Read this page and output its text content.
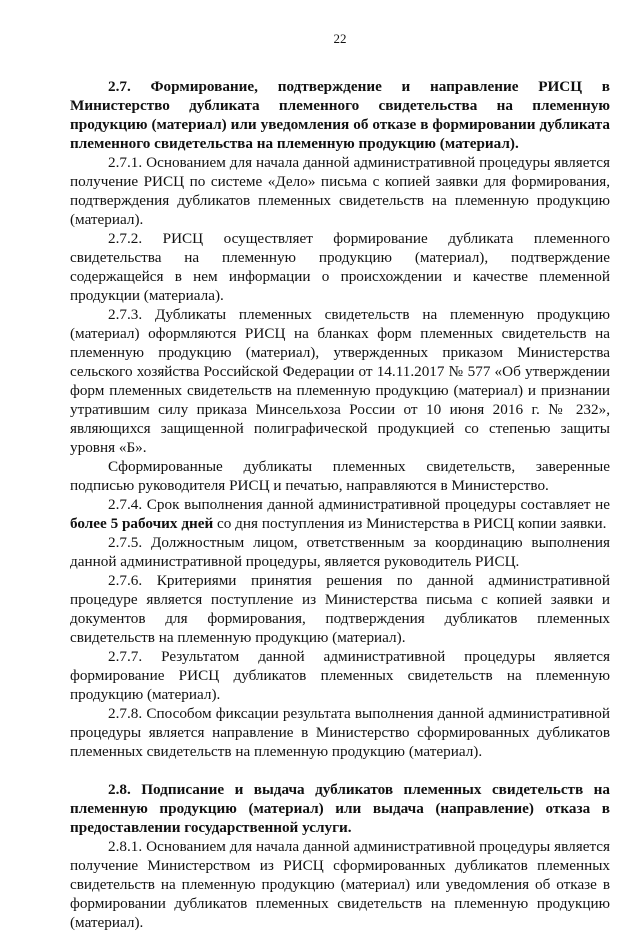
22

2.7. Формирование, подтверждение и направление РИСЦ в Министерство дубликата племенного свидетельства на племенную продукцию (материал) или уведомления об отказе в формировании дубликата племенного свидетельства на племенную продукцию (материал).

2.7.1. Основанием для начала данной административной процедуры является получение РИСЦ по системе «Дело» письма с копией заявки для формирования, подтверждения дубликатов племенных свидетельств на племенную продукцию (материал).

2.7.2. РИСЦ осуществляет формирование дубликата племенного свидетельства на племенную продукцию (материал), подтверждение содержащейся в нем информации о происхождении и качестве племенной продукции (материала).

2.7.3. Дубликаты племенных свидетельств на племенную продукцию (материал) оформляются РИСЦ на бланках форм племенных свидетельств на племенную продукцию (материал), утвержденных приказом Министерства сельского хозяйства Российской Федерации от 14.11.2017 № 577 «Об утверждении форм племенных свидетельств на племенную продукцию (материал) и признании утратившим силу приказа Минсельхоза России от 10 июня 2016 г. № 232», являющихся защищенной полиграфической продукцией со степенью защиты уровня «Б».

Сформированные дубликаты племенных свидетельств, заверенные подписью руководителя РИСЦ и печатью, направляются в Министерство.

2.7.4. Срок выполнения данной административной процедуры составляет не более 5 рабочих дней со дня поступления из Министерства в РИСЦ копии заявки.

2.7.5. Должностным лицом, ответственным за координацию выполнения данной административной процедуры, является руководитель РИСЦ.

2.7.6. Критериями принятия решения по данной административной процедуре является поступление из Министерства письма с копией заявки и документов для формирования, подтверждения дубликатов племенных свидетельств на племенную продукцию (материал).

2.7.7. Результатом данной административной процедуры является формирование РИСЦ дубликатов племенных свидетельств на племенную продукцию (материал).

2.7.8. Способом фиксации результата выполнения данной административной процедуры является направление в Министерство сформированных дубликатов племенных свидетельств на племенную продукцию (материал).

2.8. Подписание и выдача дубликатов племенных свидетельств на племенную продукцию (материал) или выдача (направление) отказа в предоставлении государственной услуги.

2.8.1. Основанием для начала данной административной процедуры является получение Министерством из РИСЦ сформированных дубликатов племенных свидетельств на племенную продукцию (материал) или уведомления об отказе в формировании дубликатов племенных свидетельств на племенную продукцию (материал).
